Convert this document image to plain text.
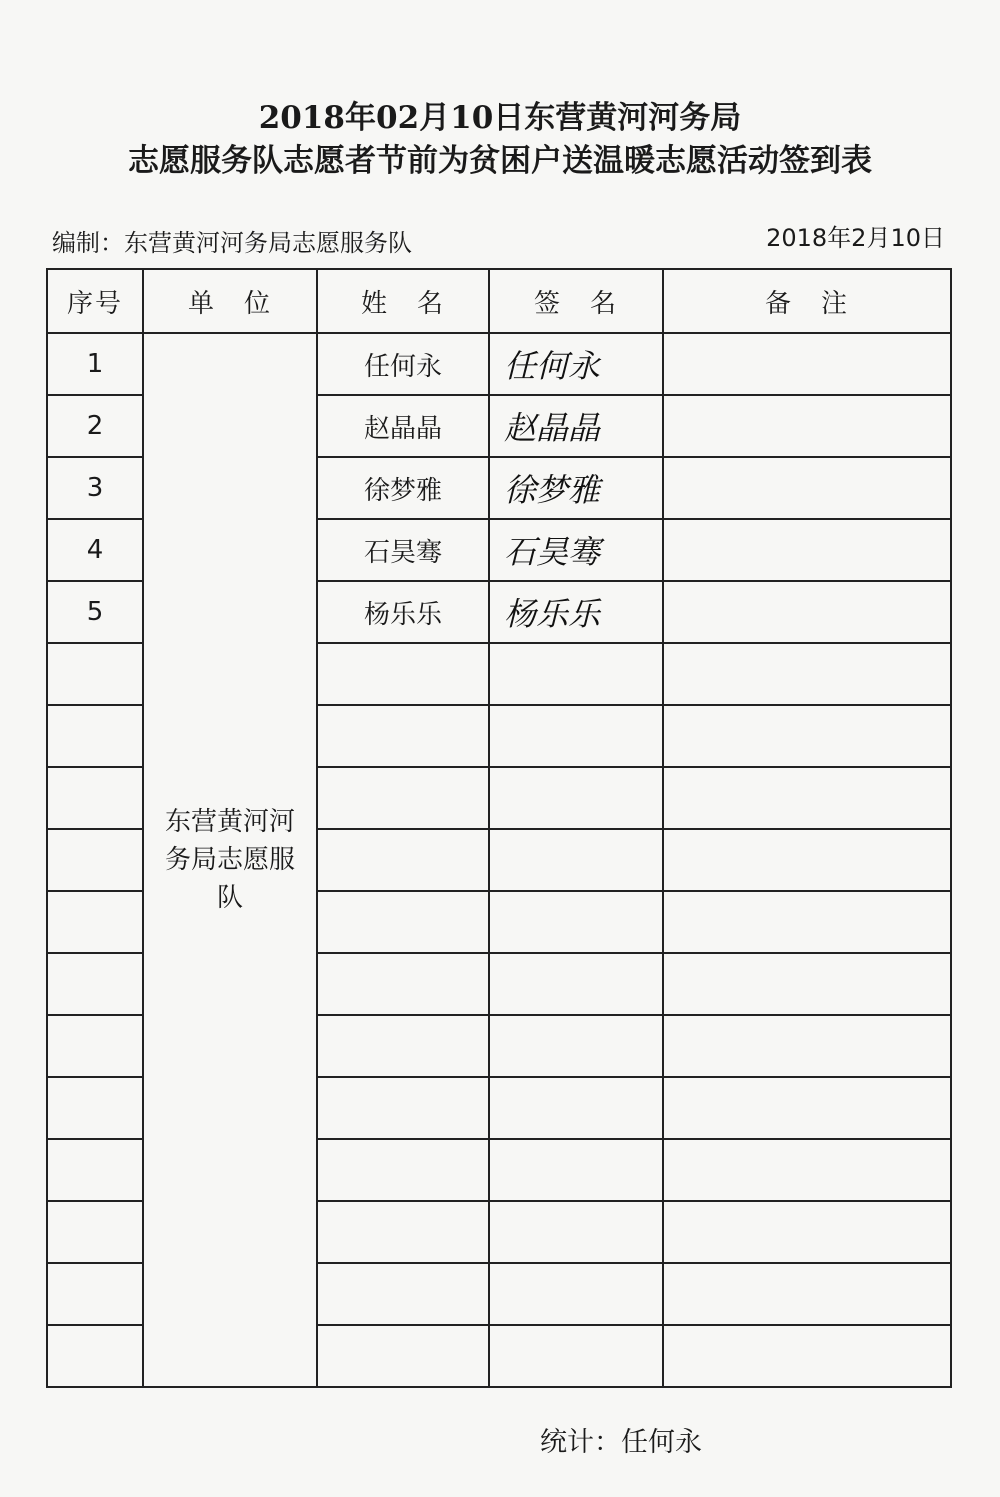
2018年02月10日东营黄河河务局
志愿服务队志愿者节前为贫困户送温暖志愿活动签到表
编制：东营黄河河务局志愿服务队	2018年2月10日
序号	单　位	姓　名	签　名	备　注
1	东营黄河河务局志愿服队	任何永	任何永	
2		赵晶晶	赵晶晶	
3		徐梦雅	徐梦雅	
4		石昊骞	石昊骞	
5		杨乐乐	杨乐乐	

统计：任何永
